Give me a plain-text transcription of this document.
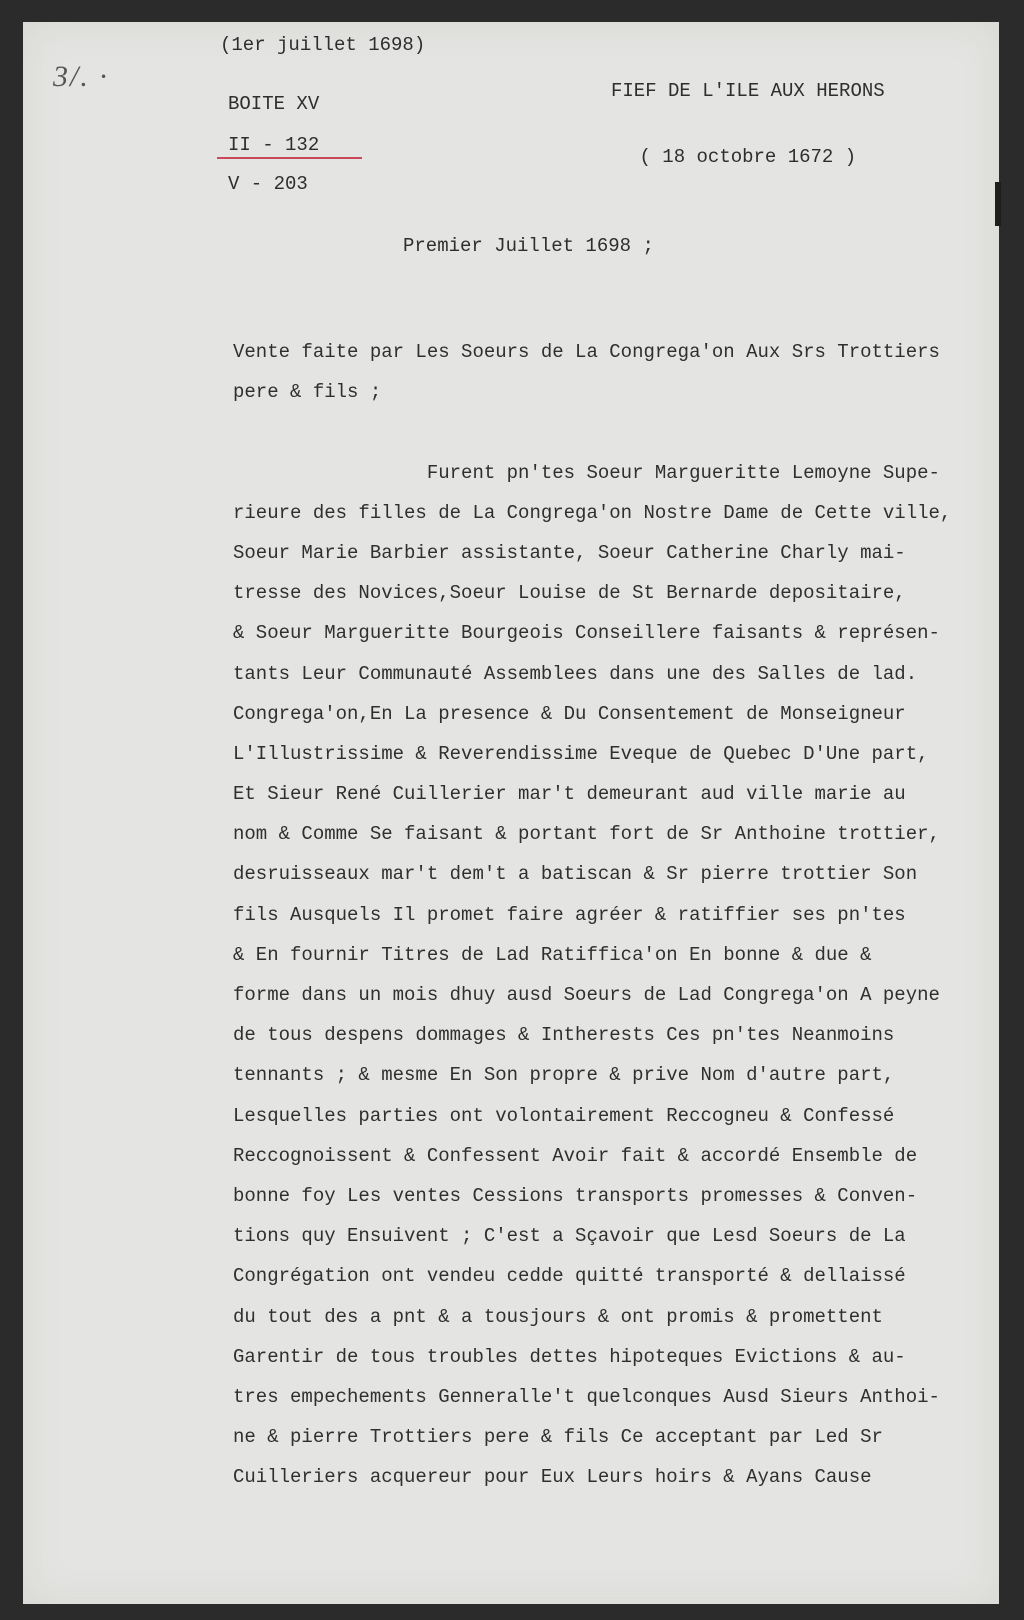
3/. ·
(1er juillet 1698)

FIEF DE L'ILE AUX HERONS

( 18 octobre 1672 )

BOITE XV
II - 132
V - 203
Premier Juillet 1698 ;
Vente faite par Les Soeurs de La Congrega'on Aux Srs Trottiers
pere & fils ;
Furent pn'tes Soeur Margueritte Lemoyne Supe-
rieure des filles de La Congrega'on Nostre Dame de Cette ville,
Soeur Marie Barbier assistante, Soeur Catherine Charly mai-
tresse des Novices,Soeur Louise de St Bernarde depositaire,
& Soeur Margueritte Bourgeois Conseillere faisants & représen-
tants Leur Communauté Assemblees dans une des Salles de lad.
Congrega'on,En La presence & Du Consentement de Monseigneur
L'Illustrissime & Reverendissime Eveque de Quebec D'Une part,
Et Sieur René Cuillerier mar't demeurant aud ville marie au
nom & Comme Se faisant & portant fort de Sr Anthoine trottier,
desruisseaux mar't dem't a batiscan & Sr pierre trottier Son
fils Ausquels Il promet faire agréer & ratiffier ses pn'tes
& En fournir Titres de Lad Ratiffica'on En bonne & due &
forme dans un mois dhuy ausd Soeurs de Lad Congrega'on A peyne
de tous despens dommages & Intherests Ces pn'tes Neanmoins
tennants ; & mesme En Son propre & prive Nom d'autre part,
Lesquelles parties ont volontairement Reccogneu & Confessé
Reccognoissent & Confessent Avoir fait & accordé Ensemble de
bonne foy Les ventes Cessions transports promesses & Conven-
tions quy Ensuivent ; C'est a Sçavoir que Lesd Soeurs de La
Congrégation ont vendeu cedde quitté transporté & dellaissé
du tout des a pnt & a tousjours & ont promis & promettent
Garentir de tous troubles dettes hipoteques Evictions & au-
tres empechements Genneralle't quelconques Ausd Sieurs Anthoi-
ne & pierre Trottiers pere & fils Ce acceptant par Led Sr
Cuilleriers acquereur pour Eux Leurs hoirs & Ayans Cause
